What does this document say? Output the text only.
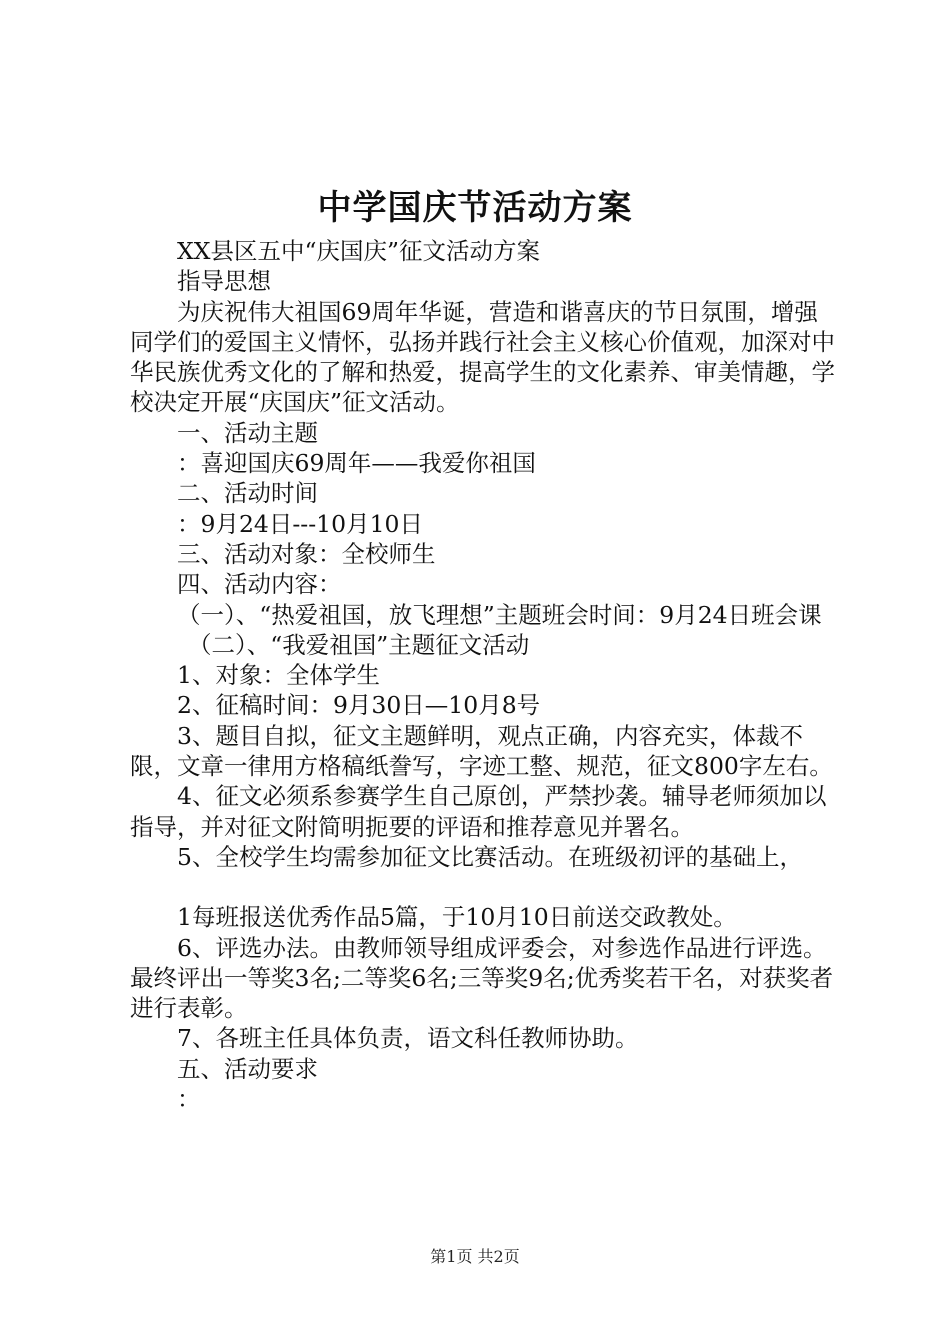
中学国庆节活动方案

XX县区五中“庆国庆”征文活动方案

指导思想

为庆祝伟大祖国69周年华诞，营造和谐喜庆的节日氛围，增强同学们的爱国主义情怀，弘扬并践行社会主义核心价值观，加深对中华民族优秀文化的了解和热爱，提高学生的文化素养、审美情趣，学校决定开展“庆国庆”征文活动。

一、活动主题

：喜迎国庆69周年——我爱你祖国

二、活动时间

：9月24日---10月10日

三、活动对象：全校师生

四、活动内容：

（一）、“热爱祖国，放飞理想”主题班会时间：9月24日班会课

（二）、“我爱祖国”主题征文活动

1、对象：全体学生

2、征稿时间：9月30日—10月8号

3、题目自拟，征文主题鲜明，观点正确，内容充实，体裁不限，文章一律用方格稿纸誊写，字迹工整、规范，征文800字左右。

4、征文必须系参赛学生自己原创，严禁抄袭。辅导老师须加以指导，并对征文附简明扼要的评语和推荐意见并署名。

5、全校学生均需参加征文比赛活动。在班级初评的基础上，

1每班报送优秀作品5篇，于10月10日前送交政教处。

6、评选办法。由教师领导组成评委会，对参选作品进行评选。最终评出一等奖3名;二等奖6名;三等奖9名;优秀奖若干名，对获奖者进行表彰。

7、各班主任具体负责，语文科任教师协助。

五、活动要求

：

第1页 共2页
